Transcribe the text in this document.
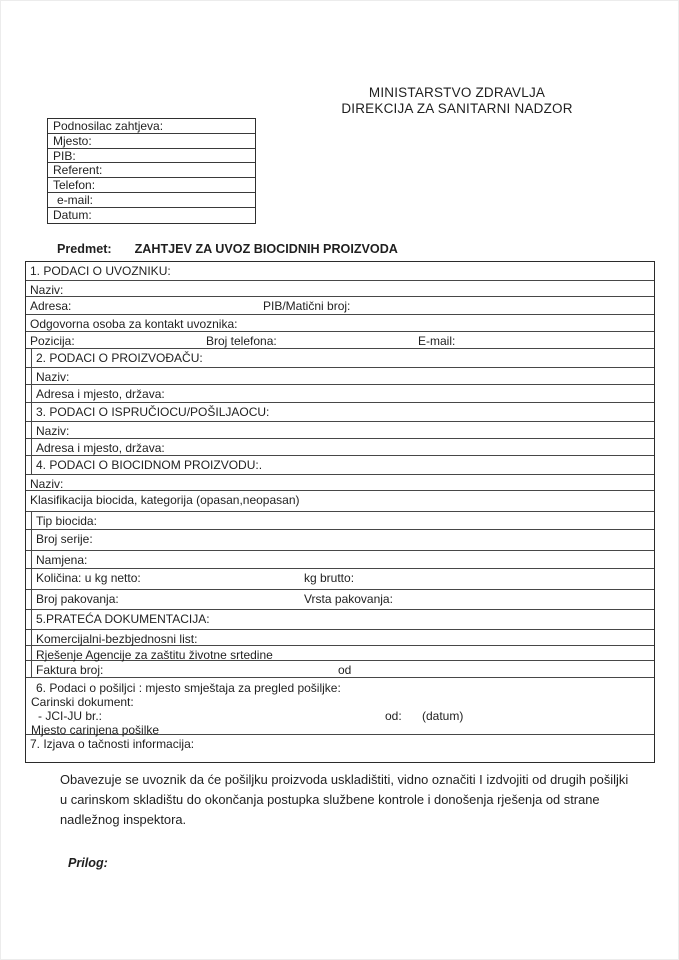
MINISTARSTVO ZDRAVLJA
DIREKCIJA ZA SANITARNI NADZOR
Podnosilac zahtjeva:
Mjesto:
PIB:
Referent:
Telefon:
e-mail:
Datum:
Predmet: ZAHTJEV ZA UVOZ BIOCIDNIH PROIZVODA
1. PODACI O UVOZNIKU:
Naziv:
Adresa:	PIB/Matični broj:
Odgovorna osoba za kontakt uvoznika:
Pozicija:	Broj telefona:	E-mail:
2. PODACI O PROIZVOĐAČU:
Naziv:
Adresa i mjesto, država:
3. PODACI O ISPRUČIOCU/POŠILJAOCU:
Naziv:
Adresa i mjesto, država:
4. PODACI O BIOCIDNOM PROIZVODU:.
Naziv:
Klasifikacija biocida, kategorija (opasan,neopasan)
Tip biocida:
Broj serije:
Namjena:
Količina: u kg netto:	kg brutto:
Broj pakovanja:	Vrsta pakovanja:
5.PRATEĆA DOKUMENTACIJA:
Komercijalni-bezbjednosni list:
Rješenje Agencije za zaštitu životne srtedine
Faktura broj:	od
6. Podaci o pošiljci : mjesto smještaja za pregled pošiljke:
Carinski dokument:
- JCI-JU br.:	od: (datum)
Mjesto carinjena pošilke
7. Izjava o tačnosti informacija:
Obavezuje se uvoznik da će pošiljku proizvoda uskladištiti, vidno označiti I izdvojiti od drugih pošiljki u carinskom skladištu do okončanja postupka službene kontrole i donošenja rješenja od strane nadležnog inspektora.
Prilog:
